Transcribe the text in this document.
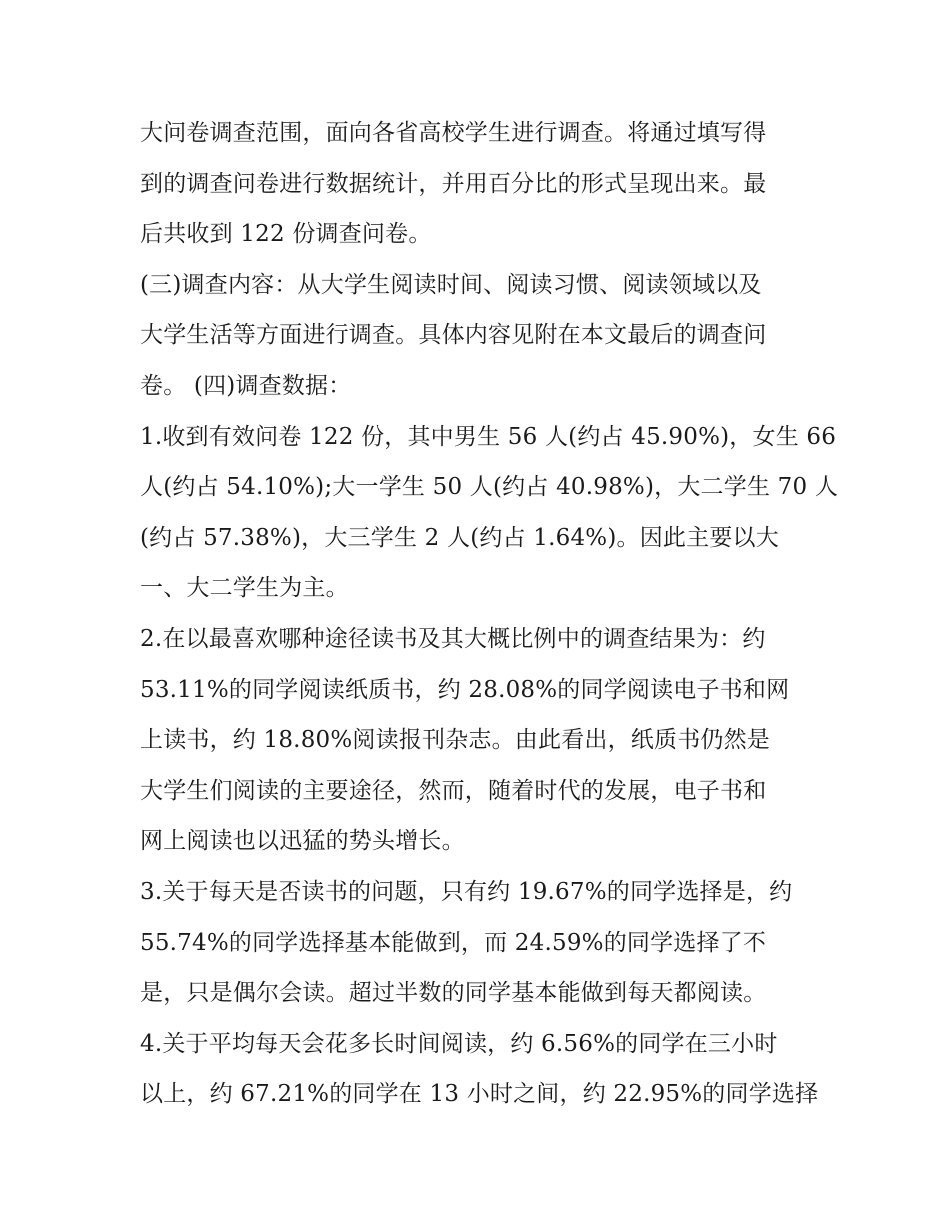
大问卷调查范围，面向各省高校学生进行调查。将通过填写得
到的调查问卷进行数据统计，并用百分比的形式呈现出来。最
后共收到 122 份调查问卷。
(三)调查内容：从大学生阅读时间、阅读习惯、阅读领域以及
大学生活等方面进行调查。具体内容见附在本文最后的调查问
卷。 (四)调查数据：
1.收到有效问卷 122 份，其中男生 56 人(约占 45.90%)，女生 66
人(约占 54.10%);大一学生 50 人(约占 40.98%)，大二学生 70 人
(约占 57.38%)，大三学生 2 人(约占 1.64%)。因此主要以大
一、大二学生为主。
2.在以最喜欢哪种途径读书及其大概比例中的调查结果为：约
53.11%的同学阅读纸质书，约 28.08%的同学阅读电子书和网
上读书，约 18.80%阅读报刊杂志。由此看出，纸质书仍然是
大学生们阅读的主要途径，然而，随着时代的发展，电子书和
网上阅读也以迅猛的势头增长。
3.关于每天是否读书的问题，只有约 19.67%的同学选择是，约
55.74%的同学选择基本能做到，而 24.59%的同学选择了不
是，只是偶尔会读。超过半数的同学基本能做到每天都阅读。
4.关于平均每天会花多长时间阅读，约 6.56%的同学在三小时
以上，约 67.21%的同学在 13 小时之间，约 22.95%的同学选择
